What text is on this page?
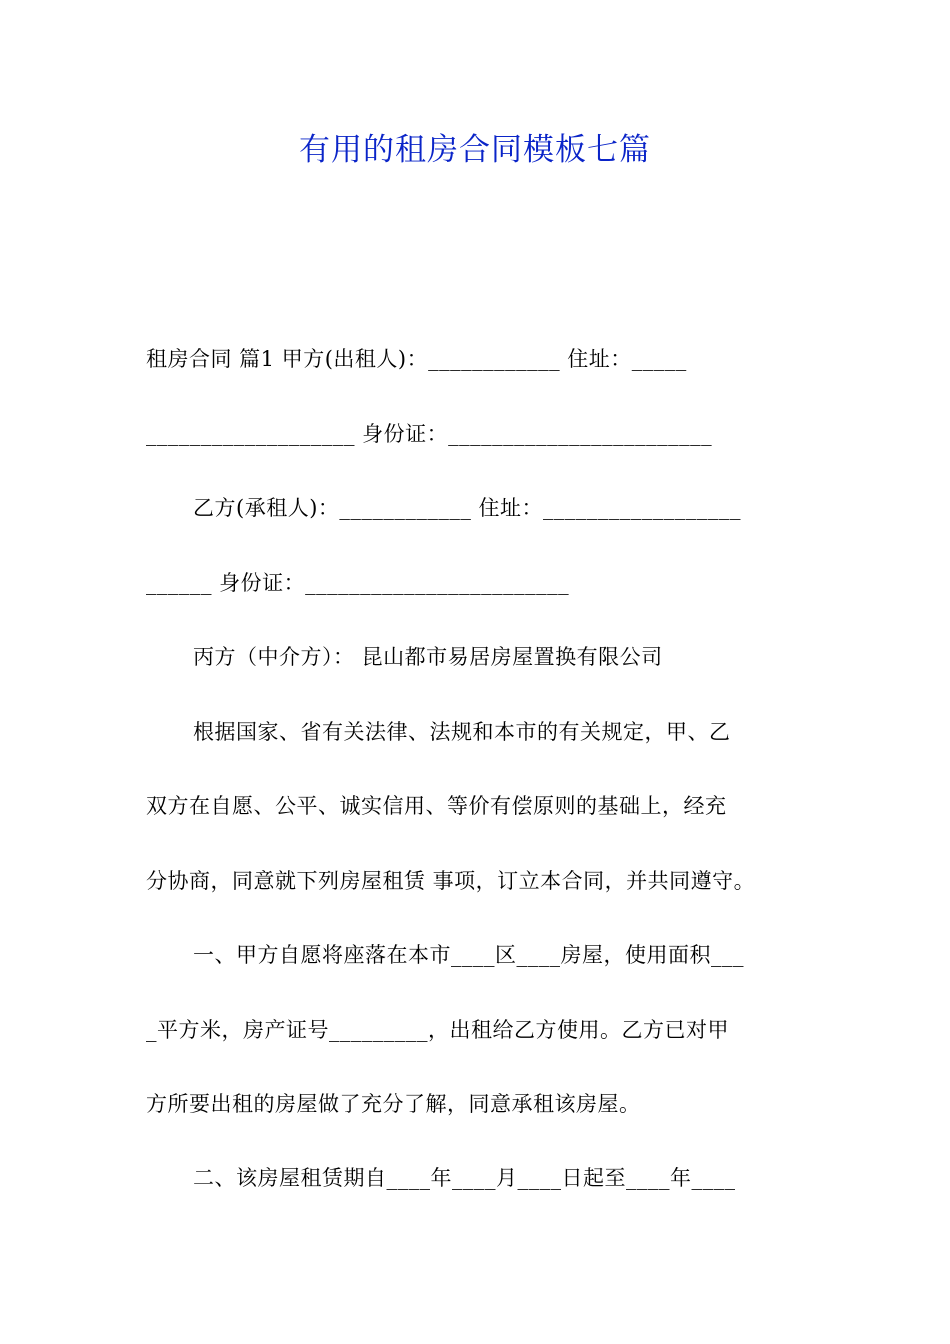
有用的租房合同模板七篇
租房合同 篇1 甲方(出租人)：____________ 住址：_____
___________________ 身份证：________________________
乙方(承租人)：____________ 住址：__________________
______ 身份证：________________________
丙方（中介方）： 昆山都市易居房屋置换有限公司
根据国家、省有关法律、法规和本市的有关规定，甲、乙
双方在自愿、公平、诚实信用、等价有偿原则的基础上，经充
分协商，同意就下列房屋租赁 事项，订立本合同，并共同遵守。
一、甲方自愿将座落在本市____区____房屋，使用面积___
_平方米，房产证号_________，出租给乙方使用。乙方已对甲
方所要出租的房屋做了充分了解，同意承租该房屋。
二、该房屋租赁期自____年____月____日起至____年____
